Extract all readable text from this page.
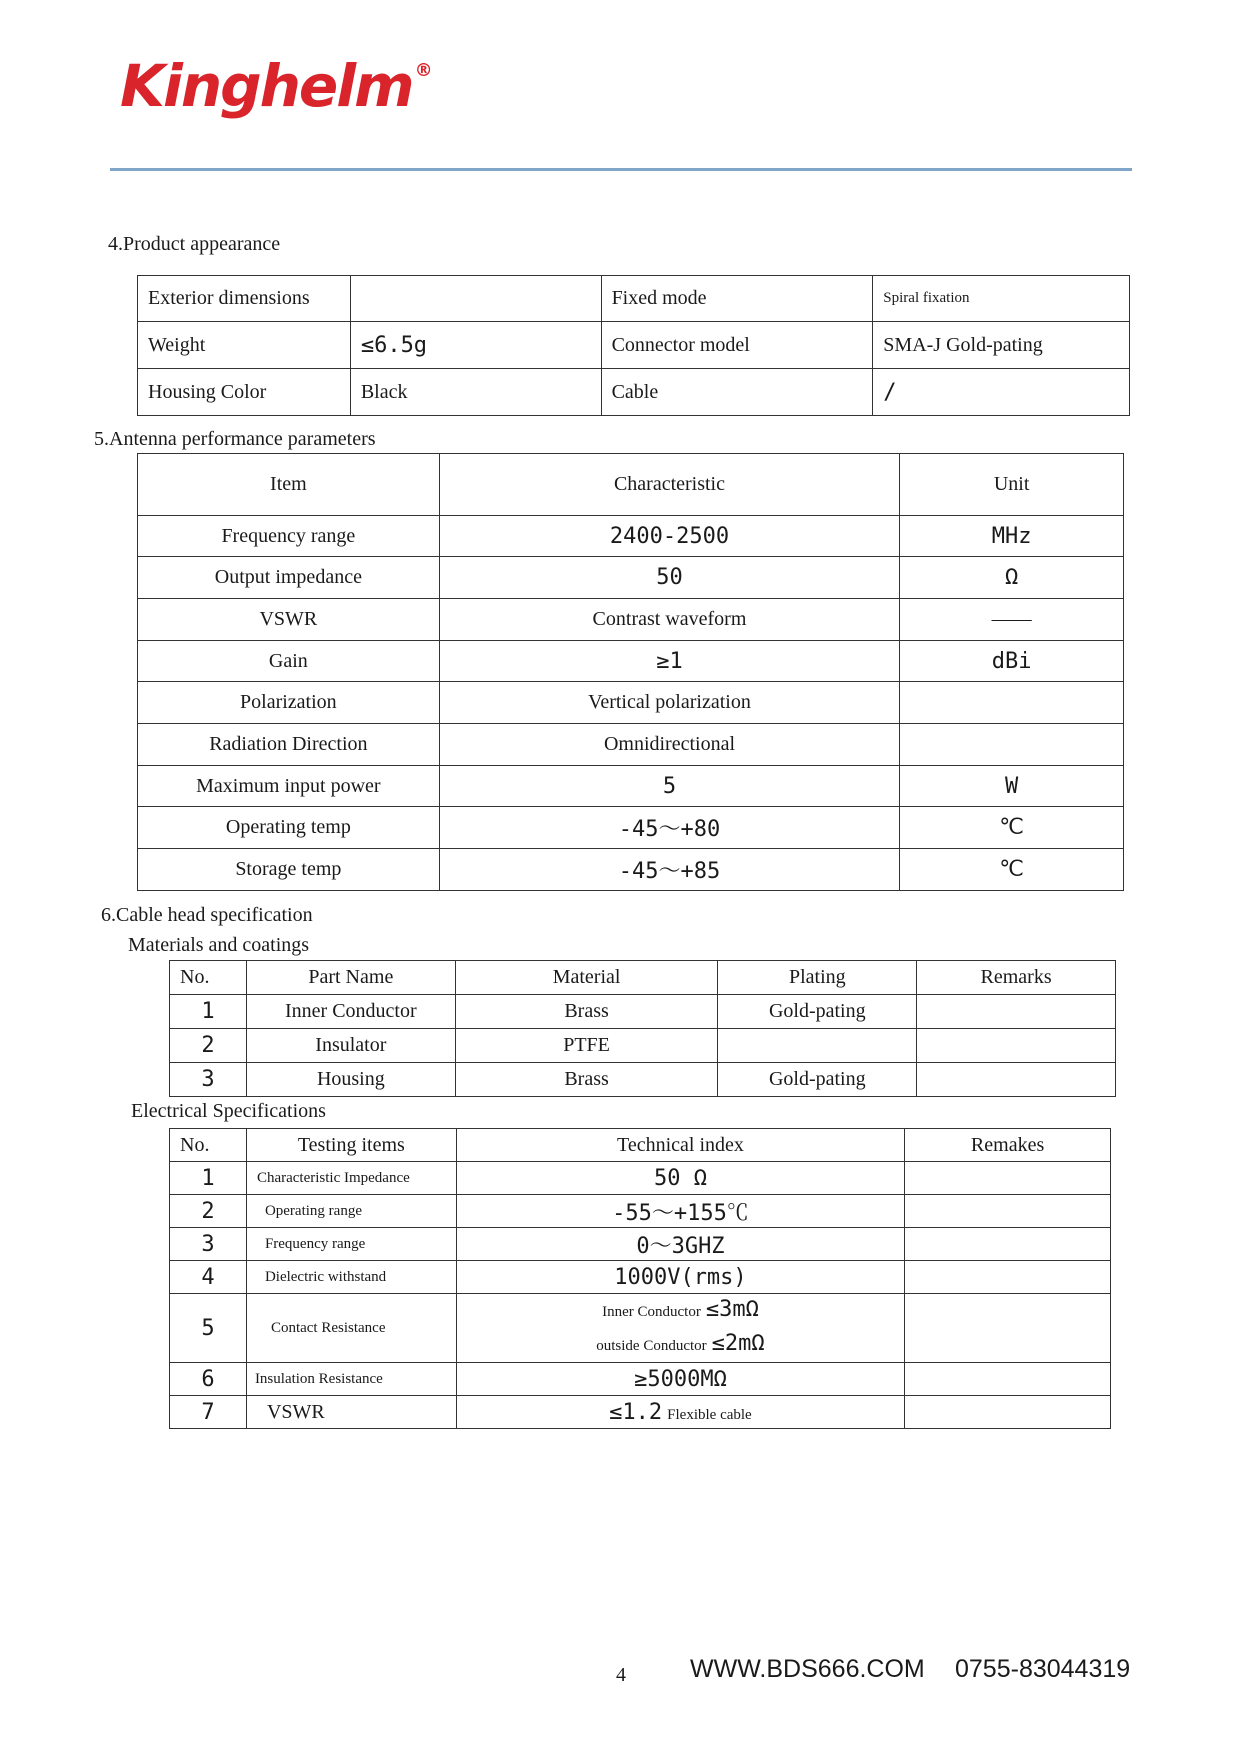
Kinghelm ®
4.Product appearance
Exterior dimensions		Fixed mode	Spiral fixation
Weight	≤6.5g	Connector model	SMA-J Gold-pating
Housing Color	Black	Cable	/
5.Antenna performance parameters
Item	Characteristic	Unit
Frequency range	2400-2500	MHz
Output impedance	50	Ω
VSWR	Contrast waveform	——
Gain	≥1	dBi
Polarization	Vertical polarization	
Radiation Direction	Omnidirectional	
Maximum input power	5	W
Operating temp	-45～+80	℃
Storage temp	-45～+85	℃
6.Cable head specification
Materials and coatings
No.	Part Name	Material	Plating	Remarks
1	Inner Conductor	Brass	Gold-pating	
2	Insulator	PTFE		
3	Housing	Brass	Gold-pating	
Electrical Specifications
No.	Testing items	Technical index	Remakes
1	Characteristic Impedance	50 Ω	
2	Operating range	-55～+155℃	
3	Frequency range	0～3GHZ	
4	Dielectric withstand	1000V(rms)	
5	Contact Resistance	Inner Conductor ≤3mΩ
outside Conductor ≤2mΩ	

6	Insulation Resistance	≥5000MΩ	
7	VSWR	≤1.2 Flexible cable	
4	WWW.BDS666.COM 0755-83044319
